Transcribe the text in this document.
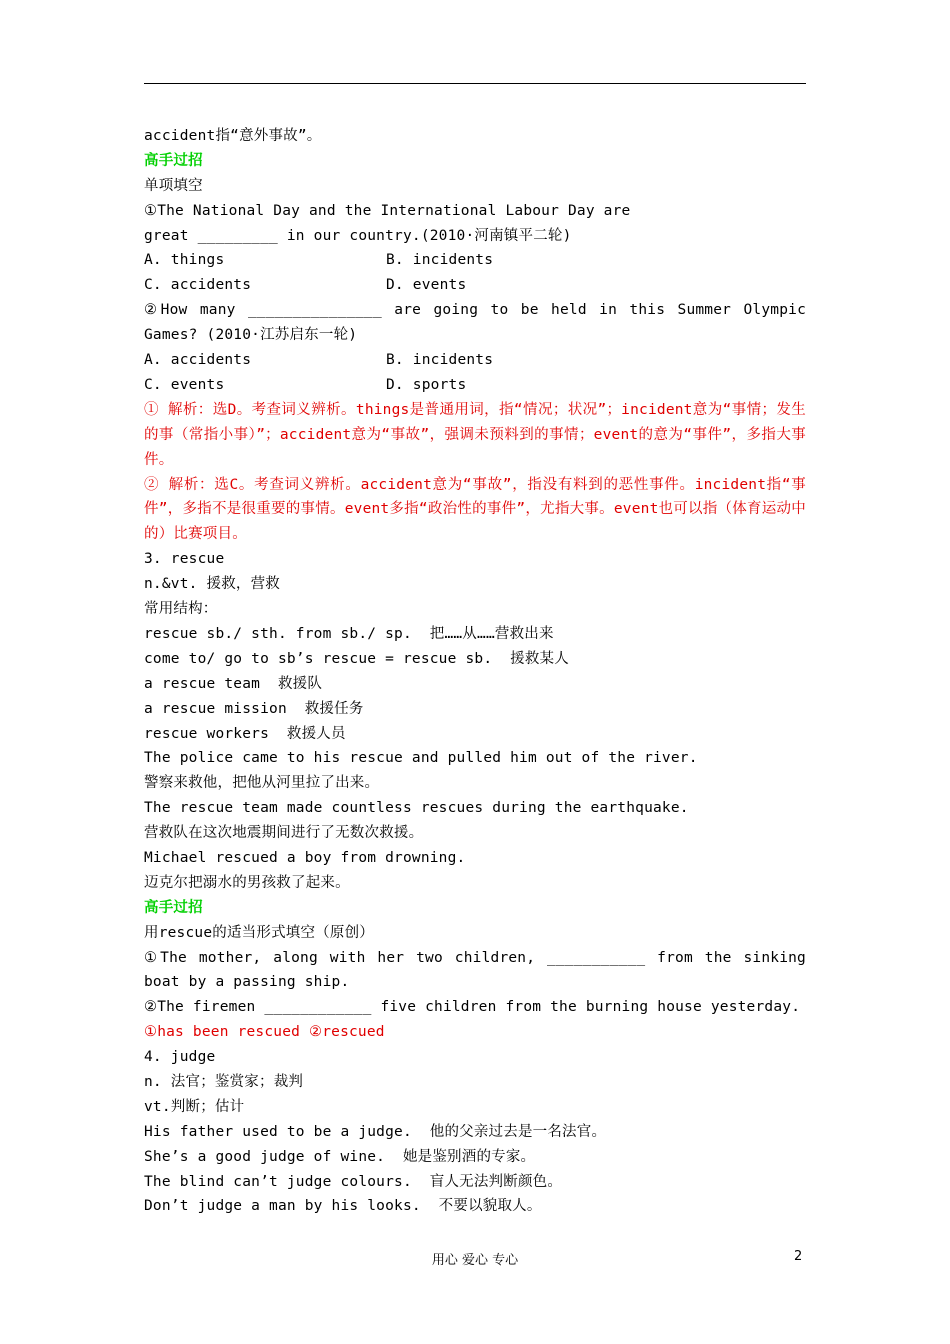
accident指“意外事故”。
高手过招
单项填空
①The National Day and the International Labour Day are
great _________ in our country.(2010·河南镇平二轮)
A. things	B. incidents
C. accidents	D. events
②How many _______________ are going to be held in this Summer Olympic Games? (2010·江苏启东一轮)
A. accidents	B. incidents
C. events	D. sports
① 解析：选D。考查词义辨析。things是普通用词，指“情况；状况”；incident意为“事情；发生的事（常指小事）”；accident意为“事故”，强调未预料到的事情；event的意为“事件”，多指大事件。
② 解析：选C。考查词义辨析。accident意为“事故”，指没有料到的恶性事件。incident指“事件”，多指不是很重要的事情。event多指“政治性的事件”，尤指大事。event也可以指（体育运动中的）比赛项目。
3. rescue
n.&vt. 援救，营救
常用结构：
rescue sb./ sth. from sb./ sp.  把……从……营救出来
come to/ go to sb’s rescue = rescue sb.  援救某人
a rescue team  救援队
a rescue mission  救援任务
rescue workers  救援人员
The police came to his rescue and pulled him out of the river.
警察来救他，把他从河里拉了出来。
The rescue team made countless rescues during the earthquake.
营救队在这次地震期间进行了无数次救援。
Michael rescued a boy from drowning.
迈克尔把溺水的男孩救了起来。
高手过招
用rescue的适当形式填空（原创）
①The mother, along with her two children, ___________ from the sinking boat by a passing ship.
②The firemen ____________ five children from the burning house yesterday.
①has been rescued ②rescued
4. judge
n. 法官；鉴赏家；裁判
vt.判断；估计
His father used to be a judge.  他的父亲过去是一名法官。
She’s a good judge of wine.  她是鉴别酒的专家。
The blind can’t judge colours.  盲人无法判断颜色。
Don’t judge a man by his looks.  不要以貌取人。
用心 爱心 专心	2
